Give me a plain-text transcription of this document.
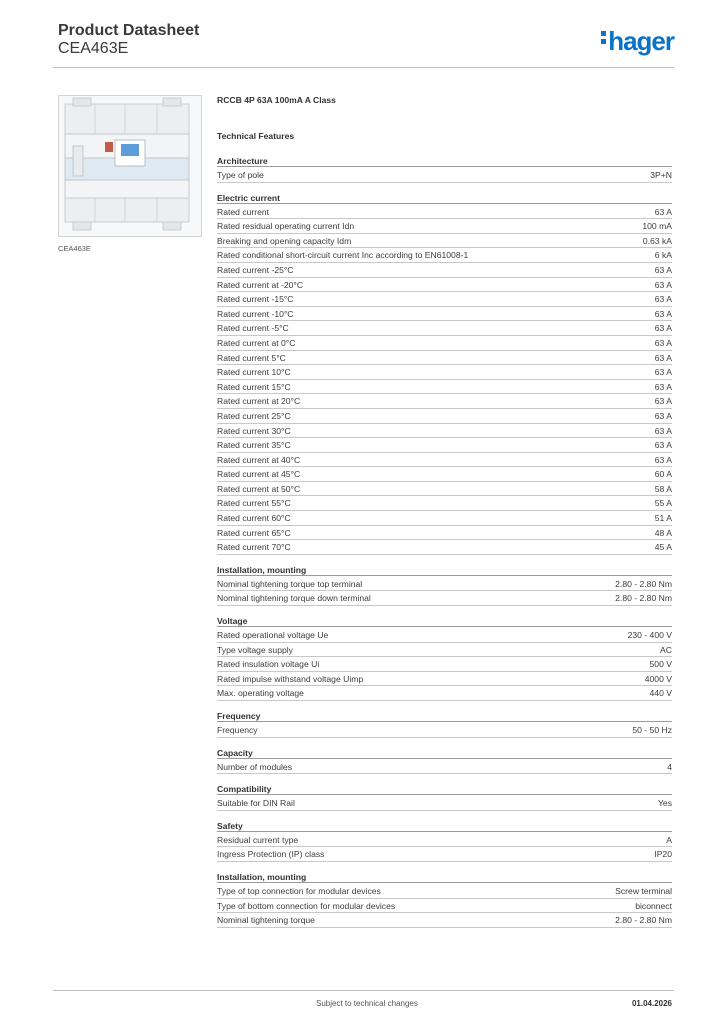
Product Datasheet
CEA463E	hager
CEA463E
RCCB 4P 63A 100mA A Class
Technical Features
Architecture
Type of pole	3P+N
Electric current
Rated current	63 A
Rated residual operating current Idn	100 mA
Breaking and opening capacity Idm	0.63 kA
Rated conditional short-circuit current Inc according to EN61008-1	6 kA
Rated current -25°C	63 A
Rated current at -20°C	63 A
Rated current -15°C	63 A
Rated current -10°C	63 A
Rated current -5°C	63 A
Rated current at 0°C	63 A
Rated current 5°C	63 A
Rated current 10°C	63 A
Rated current 15°C	63 A
Rated current at 20°C	63 A
Rated current 25°C	63 A
Rated current 30°C	63 A
Rated current 35°C	63 A
Rated current at 40°C	63 A
Rated current at 45°C	60 A
Rated current at 50°C	58 A
Rated current 55°C	55 A
Rated current 60°C	51 A
Rated current 65°C	48 A
Rated current 70°C	45 A
Installation, mounting
Nominal tightening torque top terminal	2.80 - 2.80 Nm
Nominal tightening torque down terminal	2.80 - 2.80 Nm
Voltage
Rated operational voltage Ue	230 - 400 V
Type voltage supply	AC
Rated insulation voltage Ui	500 V
Rated impulse withstand voltage Uimp	4000 V
Max. operating voltage	440 V
Frequency
Frequency	50 - 50 Hz
Capacity
Number of modules	4
Compatibility
Suitable for DIN Rail	Yes
Safety
Residual current type	A
Ingress Protection (IP) class	IP20
Installation, mounting
Type of top connection for modular devices	Screw terminal
Type of bottom connection for modular devices	biconnect
Nominal tightening torque	2.80 - 2.80 Nm
Subject to technical changes	01.04.2026
